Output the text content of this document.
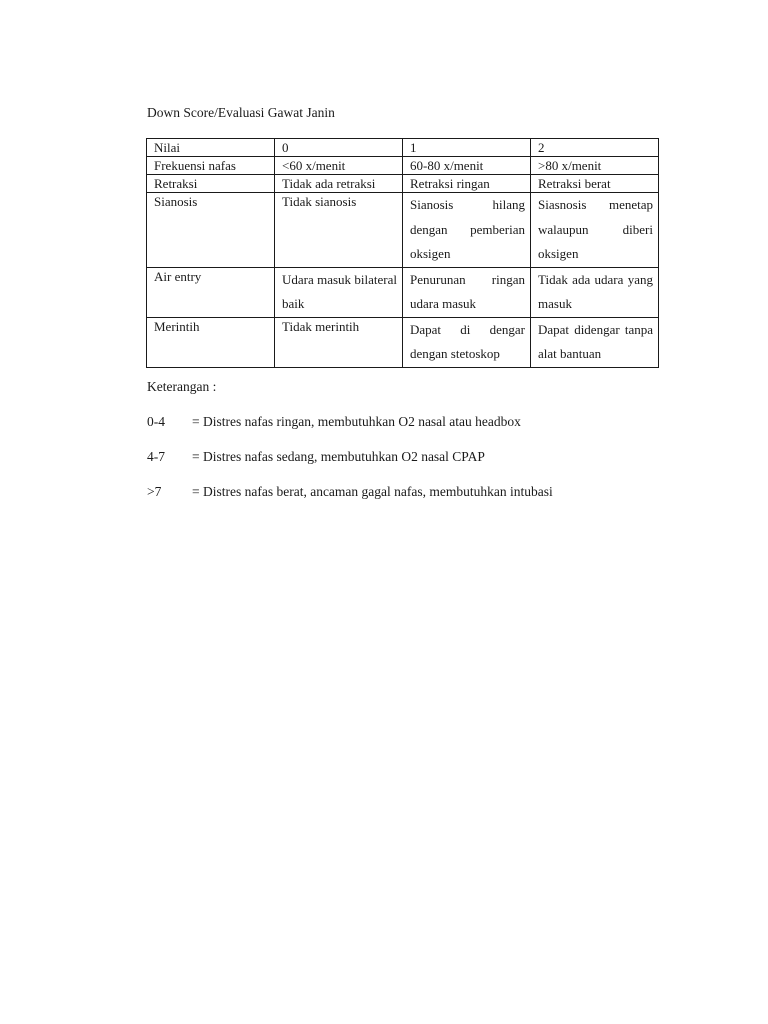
Down Score/Evaluasi Gawat Janin
Nilai	0	1	2
Frekuensi nafas	<60 x/menit	60-80 x/menit	>80 x/menit
Retraksi	Tidak ada retraksi	Retraksi ringan	Retraksi berat
Sianosis	Tidak sianosis	Sianosis hilang dengan pemberian oksigen	Siasnosis menetap walaupun diberi oksigen
Air entry	Udara masuk bilateral baik	Penurunan ringan udara masuk	Tidak ada udara yang masuk
Merintih	Tidak merintih	Dapat di dengar dengan stetoskop	Dapat didengar tanpa alat bantuan
Keterangan :
0-4	= Distres nafas ringan, membutuhkan O2 nasal atau headbox
4-7	= Distres nafas sedang, membutuhkan O2 nasal CPAP
>7	= Distres nafas berat, ancaman gagal nafas, membutuhkan intubasi
